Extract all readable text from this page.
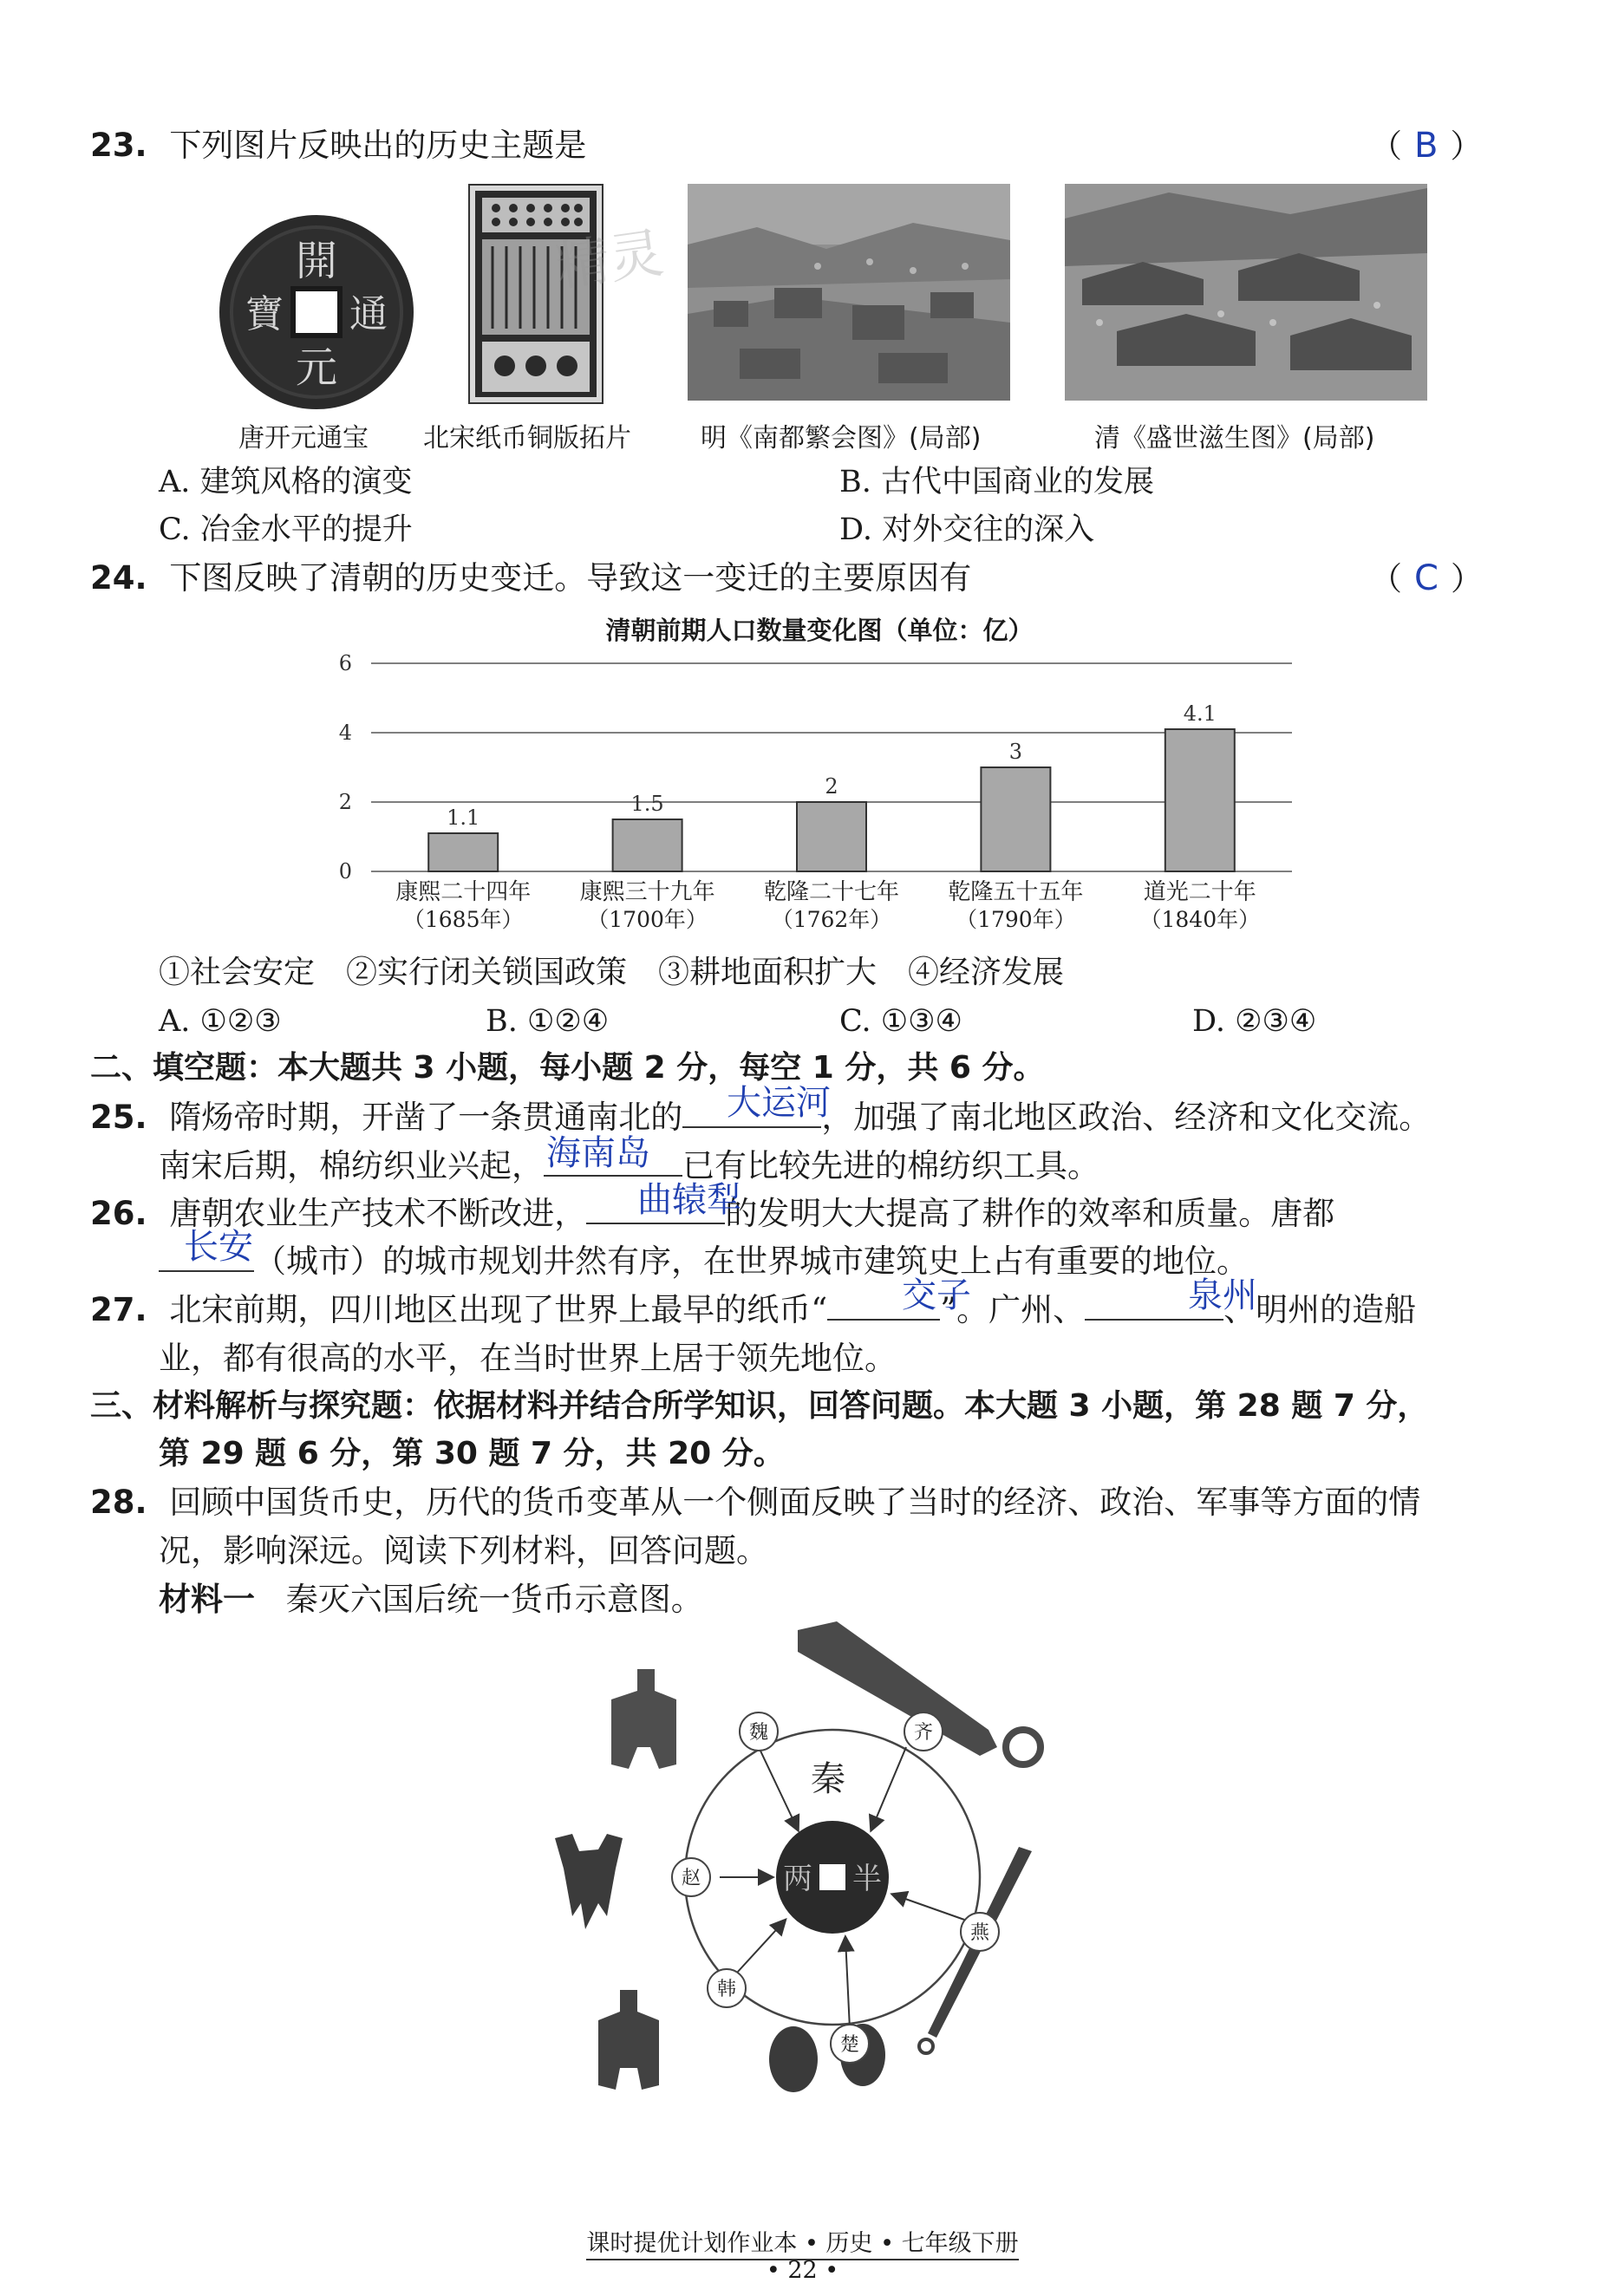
23. 下列图片反映出的历史主题是	（ B ）
開
元
通
寶
精灵
唐开元通宝 北宋纸币铜版拓片	明《南都繁会图》(局部)	清《盛世滋生图》(局部)
A. 建筑风格的演变	B. 古代中国商业的发展
C. 冶金水平的提升	D. 对外交往的深入
24. 下图反映了清朝的历史变迁。导致这一变迁的主要原因有	（ C ）
清朝前期人口数量变化图（单位：亿）
0
2
4
6
1.1
康熙二十四年
（1685年）
1.5
康熙三十九年
（1700年）
2
乾隆二十七年
（1762年）
3
乾隆五十五年
（1790年）
4.1
道光二十年
（1840年）
①社会安定　②实行闭关锁国政策　③耕地面积扩大　④经济发展
A. ①②③	B. ①②④	C. ①③④	D. ②③④
二、填空题：本大题共 3 小题，每小题 2 分，每空 1 分，共 6 分。
25. 隋炀帝时期，开凿了一条贯通南北的	，加强了南北地区政治、经济和文化交流。
大运河
南宋后期，棉纺织业兴起，	已有比较先进的棉纺织工具。
海南岛
26. 唐朝农业生产技术不断改进，	的发明大大提高了耕作的效率和质量。唐都
曲辕犁
（城市）的城市规划井然有序，在世界城市建筑史上占有重要的地位。
长安
27. 北宋前期，四川地区出现了世界上最早的纸币“	”。广州、	、明州的造船
交子	泉州
业，都有很高的水平，在当时世界上居于领先地位。
三、材料解析与探究题：依据材料并结合所学知识，回答问题。本大题 3 小题，第 28 题 7 分，
第 29 题 6 分，第 30 题 7 分，共 20 分。
28. 回顾中国货币史，历代的货币变革从一个侧面反映了当时的经济、政治、军事等方面的情
况，影响深远。阅读下列材料，回答问题。
材料一 秦灭六国后统一货币示意图。
秦
半
两
魏	齐
赵
燕
韩
楚
课时提优计划作业本 • 历史 • 七年级下册
• 22 •
